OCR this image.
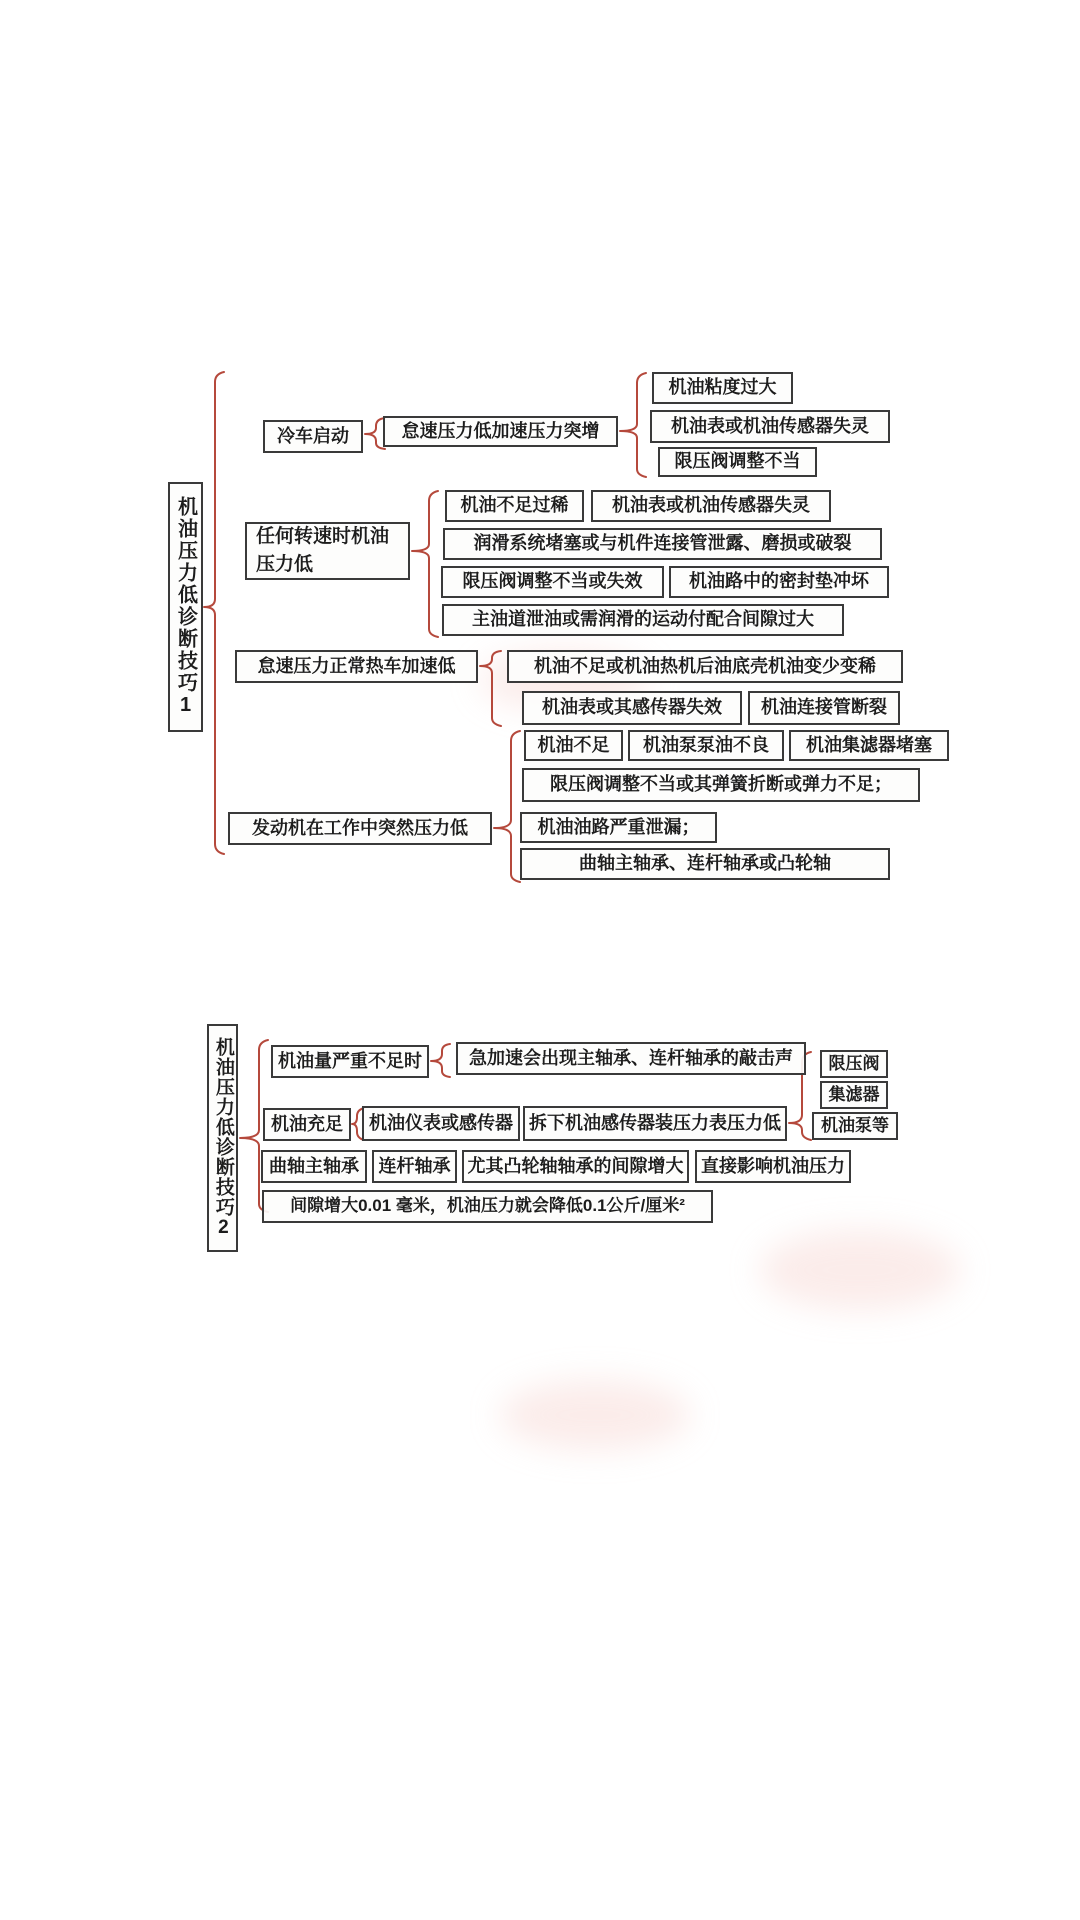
机油压力低诊断技巧1
冷车启动	怠速压力低加速压力突增
机油粘度过大
机油表或机油传感器失灵
限压阀调整不当
任何转速时机油压力低
机油不足过稀	机油表或机油传感器失灵
润滑系统堵塞或与机件连接管泄露、磨损或破裂
限压阀调整不当或失效	机油路中的密封垫冲坏
主油道泄油或需润滑的运动付配合间隙过大
怠速压力正常热车加速低	机油不足或机油热机后油底壳机油变少变稀
机油表或其感传器失效	机油连接管断裂
发动机在工作中突然压力低
机油不足	机油泵泵油不良	机油集滤器堵塞
限压阀调整不当或其弹簧折断或弹力不足；
机油油路严重泄漏；
曲轴主轴承、连杆轴承或凸轮轴
机油压力低诊断技巧2	机油量严重不足时	急加速会出现主轴承、连杆轴承的敲击声	限压阀
集滤器
机油泵等
机油充足	机油仪表或感传器 拆下机油感传器装压力表压力低
曲轴主轴承	连杆轴承 尤其凸轮轴轴承的间隙增大 直接影响机油压力
间隙增大0.01 毫米，机油压力就会降低0.1公斤/厘米²
